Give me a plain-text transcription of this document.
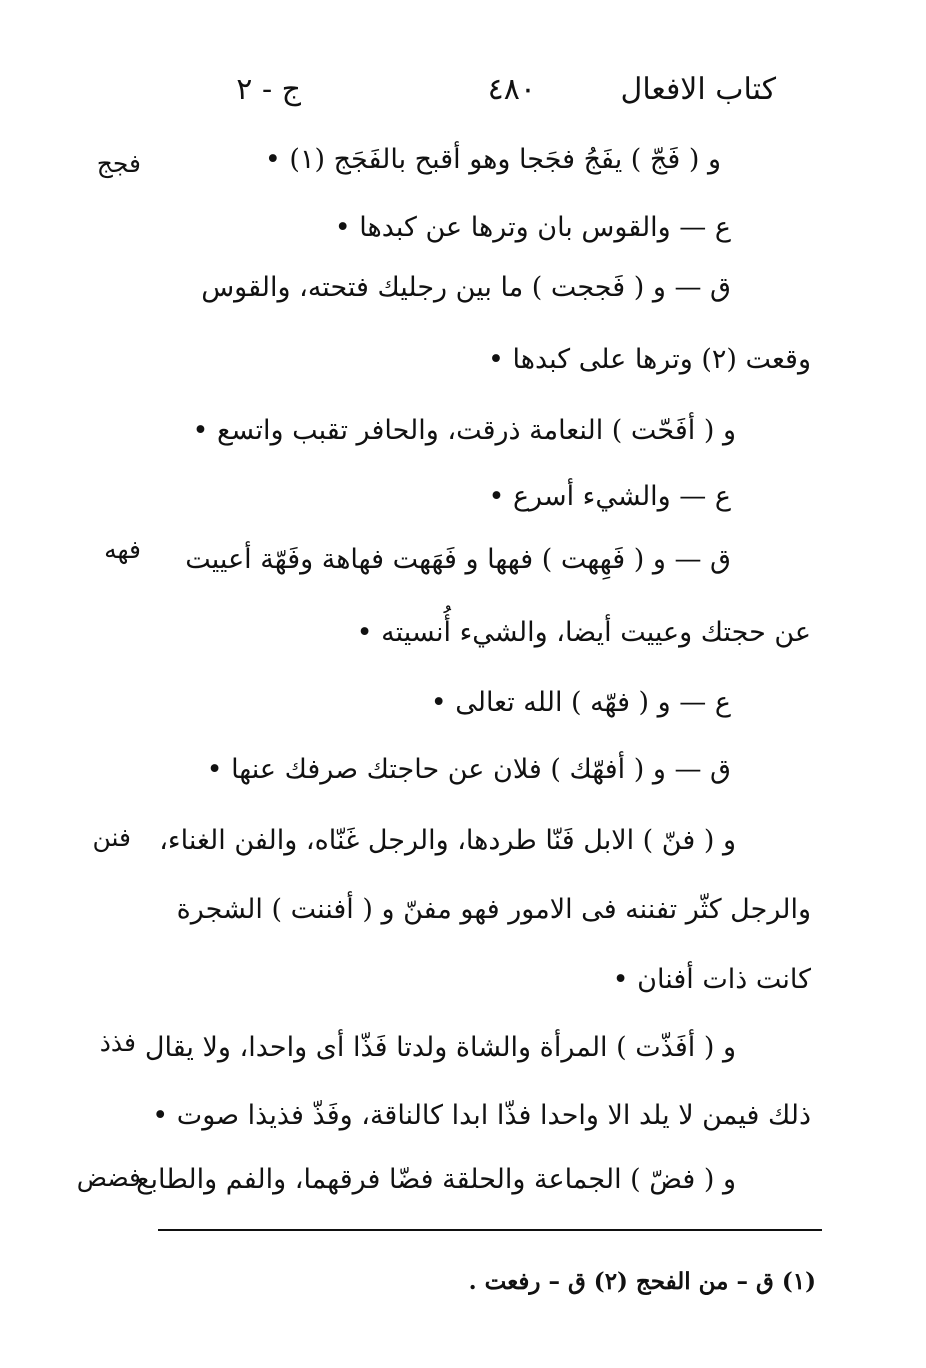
كتاب الافعال
٤٨٠
ج - ٢
فجج
فهه
فنن
فذذ
فضض
و ( فَجّ ) يفَجُ فجَجا وهو أقبح بالفَجَج (١) •
ع — والقوس بان وترها عن كبدها •
ق — و ( فَججت ) ما بين رجليك فتحته، والقوس
وقعت (٢) وترها على كبدها •
و ( أفَحّت ) النعامة ذرقت، والحافر تقبب واتسع •
ع — والشيء أسرع •
ق — و ( فَهِهت ) فهها و فَهَهت فهاهة وفَهّة أعييت
عن حجتك وعييت أيضا، والشيء أُنسيته •
ع — و ( فهّه ) الله تعالى •
ق — و ( أفهّك ) فلان عن حاجتك صرفك عنها •
و ( فنّ ) الابل فَنّا طردها، والرجل غَنّاه، والفن الغناء،
والرجل كثّر تفننه فى الامور فهو مفنّ و ( أفننت ) الشجرة
كانت ذات أفنان •
و ( أفَذّت ) المرأة والشاة ولدتا فَذّا أى واحدا، ولا يقال
ذلك فيمن لا يلد الا واحدا فذّا ابدا كالناقة، وفَذّ فذيذا صوت •
و ( فضّ ) الجماعة والحلقة فضّا فرقهما، والفم والطابع
(١) ق – من الفحج (٢) ق – رفعت .
